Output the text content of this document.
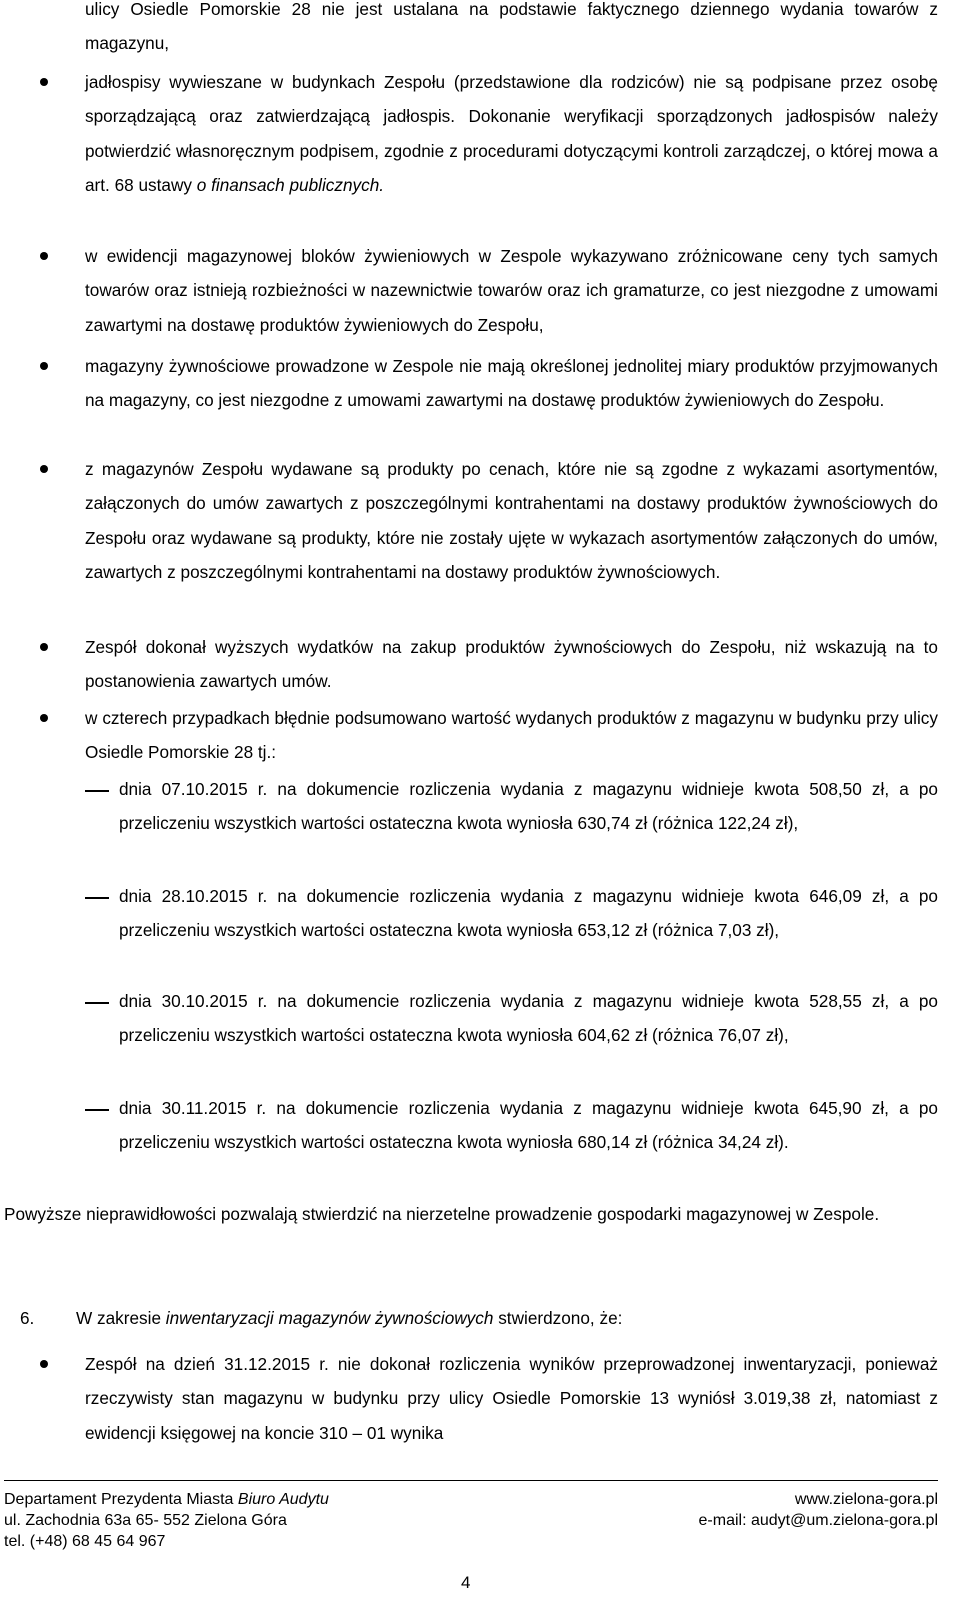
ulicy Osiedle Pomorskie 28 nie jest ustalana na podstawie faktycznego dziennego wydania towarów z magazynu,
jadłospisy wywieszane w budynkach Zespołu (przedstawione dla rodziców) nie są podpisane przez osobę sporządzającą oraz zatwierdzającą jadłospis. Dokonanie weryfikacji sporządzonych jadłospisów należy potwierdzić własnoręcznym podpisem, zgodnie z procedurami dotyczącymi kontroli zarządczej, o której mowa a art. 68 ustawy o finansach publicznych.
w ewidencji magazynowej bloków żywieniowych w Zespole wykazywano zróżnicowane ceny tych samych towarów oraz istnieją rozbieżności w nazewnictwie towarów oraz ich gramaturze, co jest niezgodne z umowami zawartymi na dostawę produktów żywieniowych do Zespołu,
magazyny żywnościowe prowadzone w Zespole nie mają określonej jednolitej miary produktów przyjmowanych na magazyny, co jest niezgodne z umowami zawartymi na dostawę produktów żywieniowych do Zespołu.
z magazynów Zespołu wydawane są produkty po cenach, które nie są zgodne z wykazami asortymentów, załączonych do umów zawartych z poszczególnymi kontrahentami na dostawy produktów żywnościowych do Zespołu oraz wydawane są produkty, które nie zostały ujęte w wykazach asortymentów załączonych do umów, zawartych z poszczególnymi kontrahentami na dostawy produktów żywnościowych.
Zespół dokonał wyższych wydatków na zakup produktów żywnościowych do Zespołu, niż wskazują na to postanowienia zawartych umów.
w czterech przypadkach błędnie podsumowano wartość wydanych produktów z magazynu w budynku przy ulicy Osiedle Pomorskie 28 tj.:
dnia 07.10.2015 r. na dokumencie rozliczenia wydania z magazynu widnieje kwota 508,50 zł, a po przeliczeniu wszystkich wartości ostateczna kwota wyniosła 630,74 zł (różnica 122,24 zł),
dnia 28.10.2015 r. na dokumencie rozliczenia wydania z magazynu widnieje kwota 646,09 zł, a po przeliczeniu wszystkich wartości ostateczna kwota wyniosła 653,12 zł (różnica 7,03 zł),
dnia 30.10.2015 r. na dokumencie rozliczenia wydania z magazynu widnieje kwota 528,55 zł, a po przeliczeniu wszystkich wartości ostateczna kwota wyniosła 604,62 zł (różnica 76,07 zł),
dnia 30.11.2015 r. na dokumencie rozliczenia wydania z magazynu widnieje kwota 645,90 zł, a po przeliczeniu wszystkich wartości ostateczna kwota wyniosła 680,14 zł (różnica 34,24 zł).
Powyższe nieprawidłowości pozwalają stwierdzić na nierzetelne prowadzenie gospodarki magazynowej w Zespole.
6.	W zakresie inwentaryzacji magazynów żywnościowych stwierdzono, że:
Zespół na dzień 31.12.2015 r. nie dokonał rozliczenia wyników przeprowadzonej inwentaryzacji, ponieważ rzeczywisty stan magazynu w budynku przy ulicy Osiedle Pomorskie 13 wyniósł 3.019,38 zł, natomiast z ewidencji księgowej na koncie 310 – 01 wynika
Departament Prezydenta Miasta Biuro Audytu
ul. Zachodnia 63a 65- 552 Zielona Góra
tel. (+48) 68 45 64 967
www.zielona-gora.pl
e-mail: audyt@um.zielona-gora.pl
4
